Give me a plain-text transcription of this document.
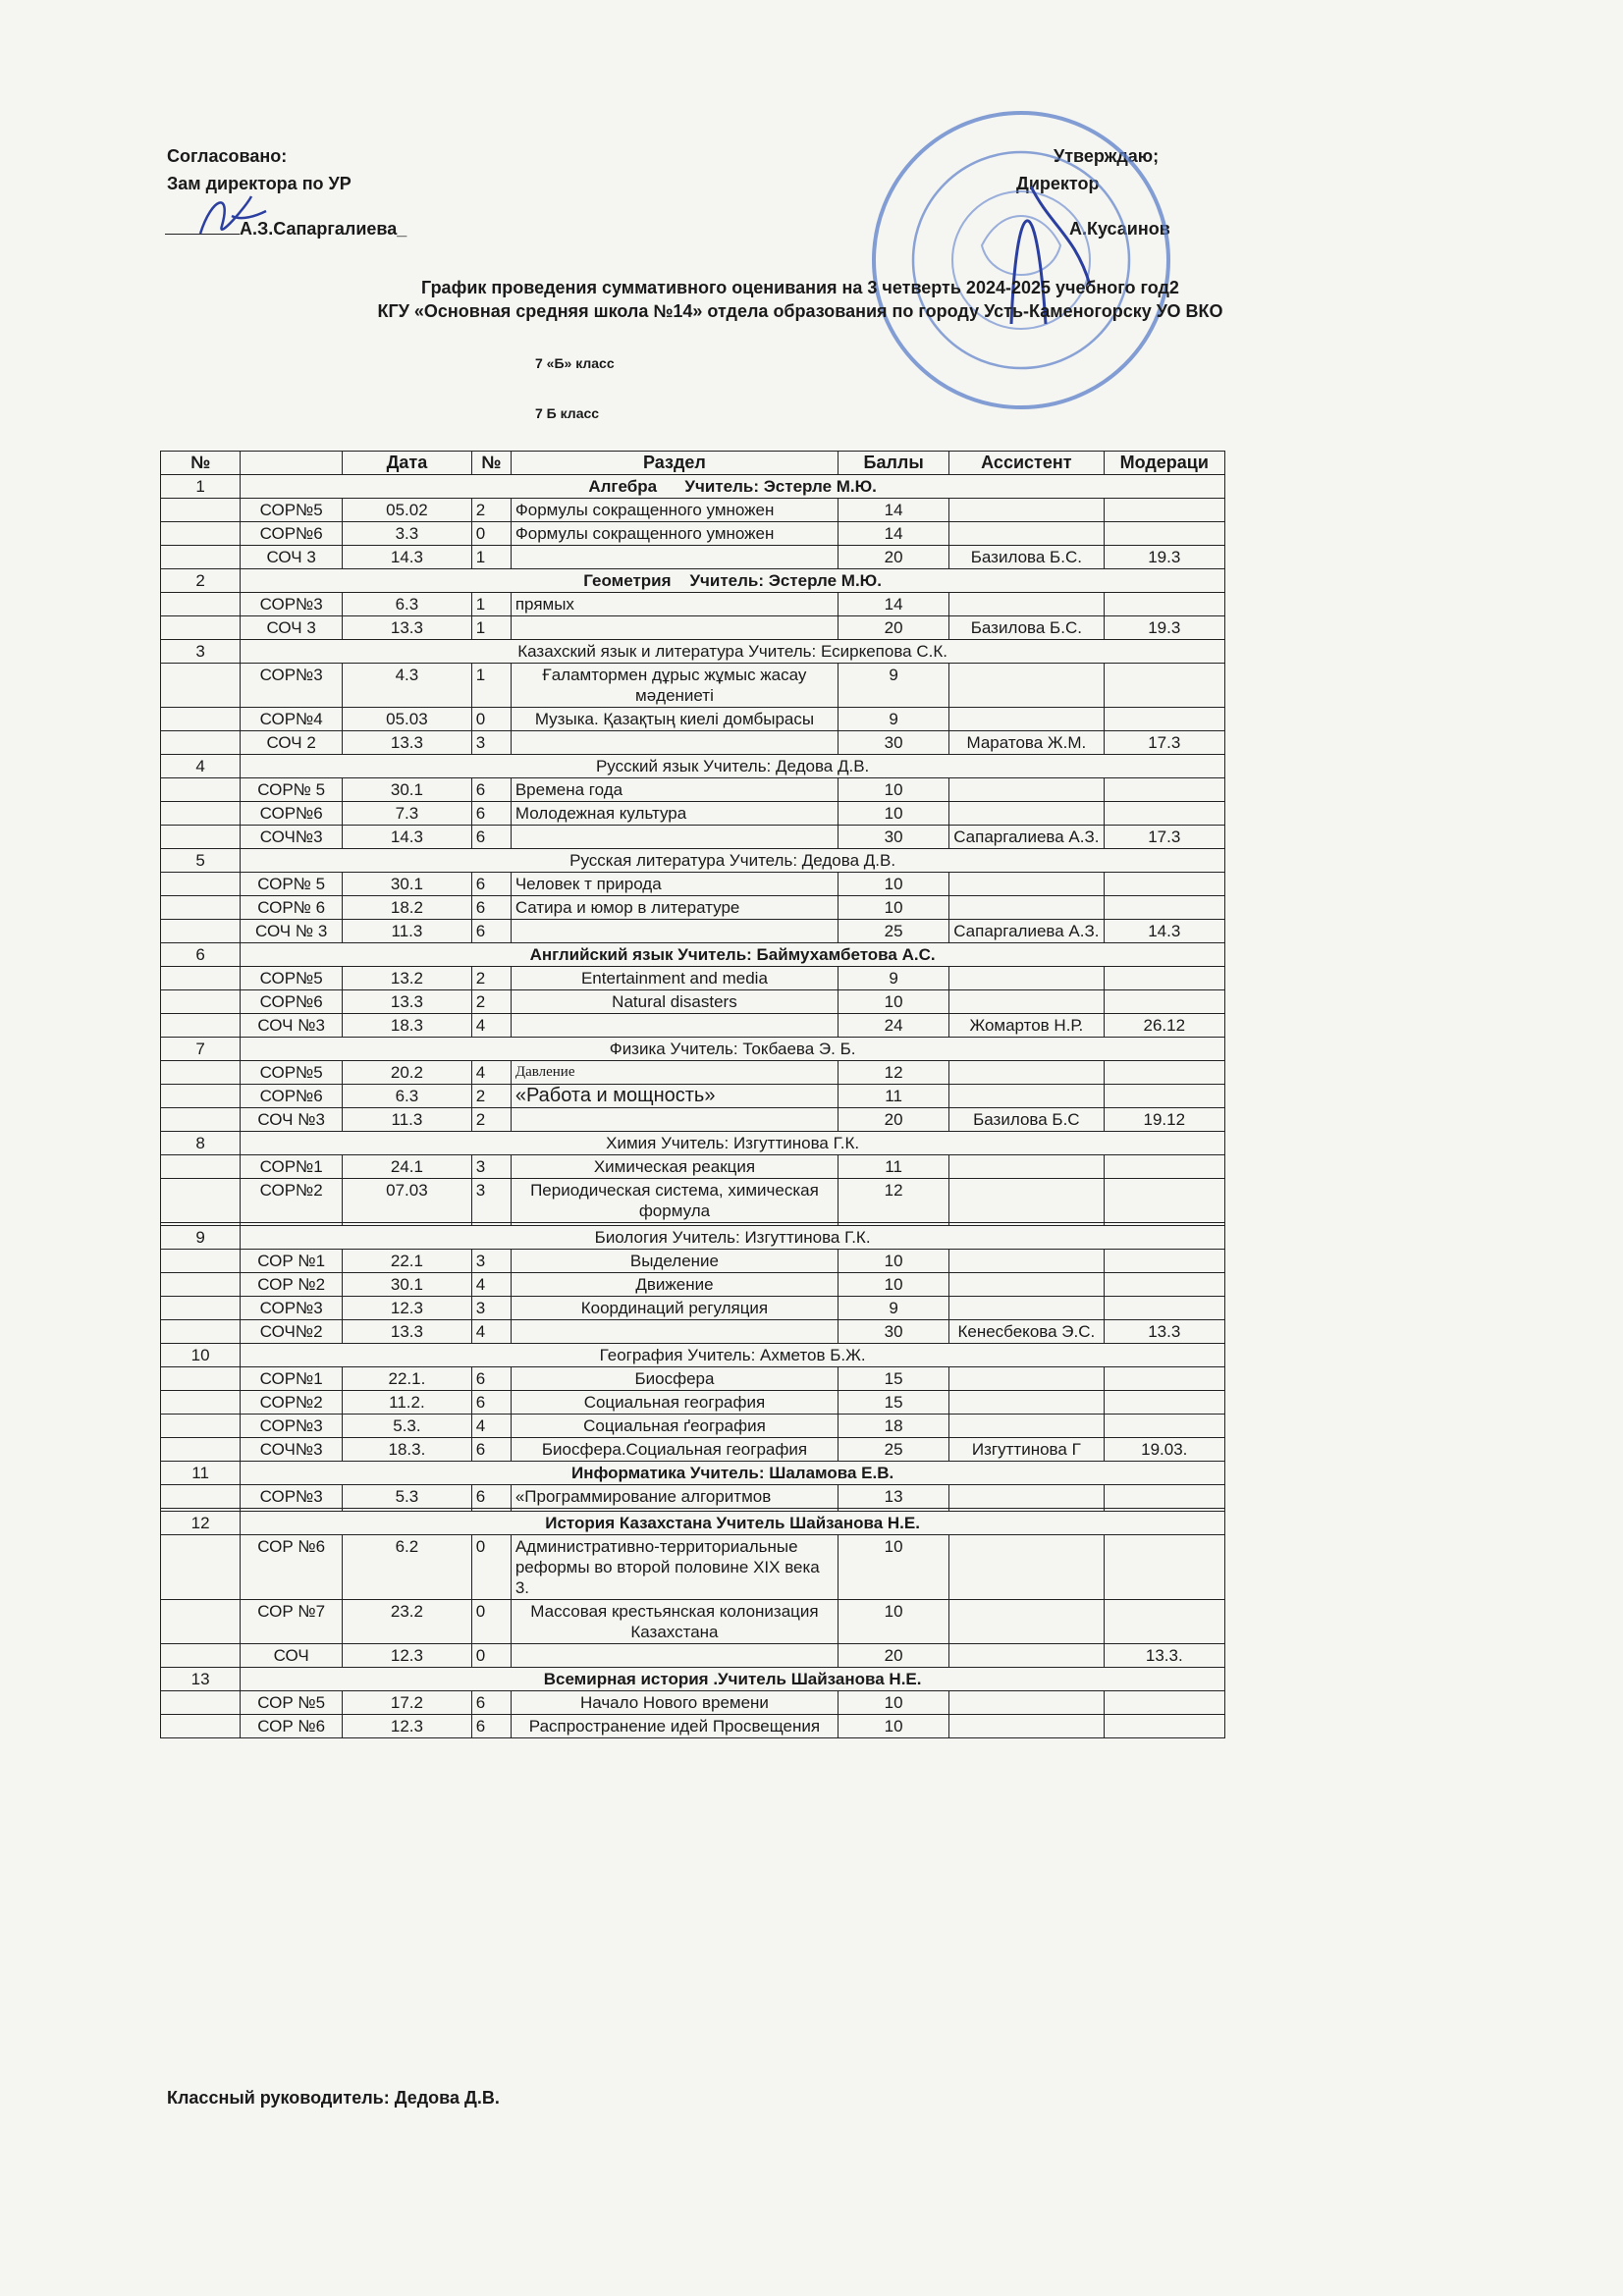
Согласовано:
Зам директора по УР
А.З.Сапаргалиева_
Утверждаю;
Директор
А.Кусаинов
График проведения суммативного оценивания на 3 четверть 2024-2025 учебного год2
КГУ «Основная средняя школа №14» отдела образования по городу Усть-Каменогорску УО ВКО
7 «Б» класс
7 Б класс
№		Дата	№	Раздел	Баллы	Ассистент	Модераци
1	Алгебра      Учитель: Эстерле М.Ю.						
	СОР№5	05.02	2	Формулы сокращенного умножен	14		
	СОР№6	3.3	0	Формулы сокращенного умножен	14		
	СОЧ 3	14.3	1		20	Базилова Б.С.	19.3
2	Геометрия    Учитель: Эстерле М.Ю.						
	СОР№3	6.3	1	прямых	14		
	СОЧ 3	13.3	1		20	Базилова Б.С.	19.3
3	Казахский язык и литература Учитель: Есиркепова С.К.						
	СОР№3	4.3	1	Ғаламтормен дұрыс жұмыс жасау мәдениеті	9		
	СОР№4	05.03	0	Музыка. Қазақтың киелі домбырасы	9		
	СОЧ 2	13.3	3		30	Маратова Ж.М.	17.3
4	Русский язык Учитель: Дедова Д.В.						
	СОР№ 5	30.1	6	Времена года	10		
	СОР№6	7.3	6	Молодежная культура	10		
	СОЧ№3	14.3	6		30	Сапаргалиева А.З.	17.3
5	Русская литература Учитель: Дедова Д.В.						
	СОР№ 5	30.1	6	Человек т природа	10		
	СОР№ 6	18.2	6	Сатира и юмор в литературе	10		
	СОЧ № 3	11.3	6		25	Сапаргалиева А.З.	14.3
6	Английский язык Учитель: Баймухамбетова А.С.						
	СОР№5	13.2	2	Entertainment and media	9		
	СОР№6	13.3	2	Natural disasters	10		
	СОЧ №3	18.3	4		24	Жомартов Н.Р.	26.12
7	Физика Учитель: Токбаева Э. Б.						
	СОР№5	20.2	4	Давление	12		
	СОР№6	6.3	2	«Работа и мощность»	11		
	СОЧ №3	11.3	2		20	Базилова Б.С	19.12
8	Химия Учитель: Изгуттинова Г.К.						
	СОР№1	24.1	3	Химическая реакция	11		
	СОР№2	07.03	3	Периодическая система, химическая формула	12		

9	Биология Учитель: Изгуттинова Г.К.						
	СОР №1	22.1	3	Выделение	10		
	СОР №2	30.1	4	Движение	10		
	СОР№3	12.3	3	Координаций регуляция	9		
	СОЧ№2	13.3	4		30	Кенесбекова Э.С.	13.3
10	География Учитель: Ахметов Б.Ж.						
	СОР№1	22.1.	6	Биосфера	15		
	СОР№2	11.2.	6	Социальная география	15		
	СОР№3	5.3.	4	Социальная ґеография	18		
	СОЧ№3	18.3.	6	Биосфера.Социальная география	25	Изгуттинова Г	19.03.
11	Информатика Учитель: Шаламова Е.В.						
	СОР№3	5.3	6	«Программирование алгоритмов	13		

12	История Казахстана Учитель Шайзанова Н.Е.						
	СОР №6	6.2	0	Административно-территориальные реформы во второй половине XIX века 3.	10		
	СОР №7	23.2	0	Массовая крестьянская колонизация Казахстана	10		
	СОЧ	12.3	0		20		13.3.
13	Всемирная история .Учитель Шайзанова Н.Е.						
	СОР №5	17.2	6	Начало Нового времени	10		
	СОР №6	12.3	6	Распространение идей Просвещения	10		
Классный руководитель: Дедова Д.В.
